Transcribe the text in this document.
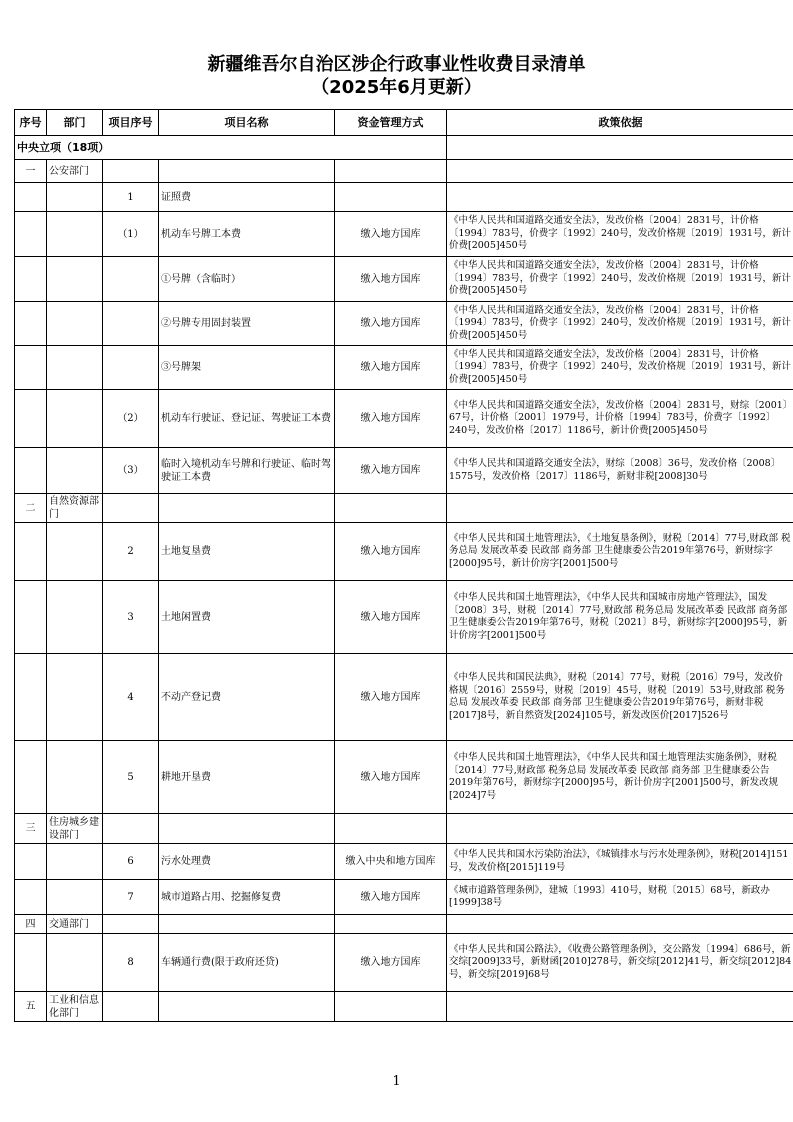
新疆维吾尔自治区涉企行政事业性收费目录清单
（2025年6月更新）
序号	部门	项目序号	项目名称	资金管理方式	政策依据
中央立项（18项）					
一	公安部门				
		1	证照费		
		（1）	机动车号牌工本费	缴入地方国库	《中华人民共和国道路交通安全法》，发改价格〔2004〕2831号，计价格〔1994〕783号，价费字〔1992〕240号，发改价格规〔2019〕1931号，新计价费[2005]450号
			①号牌（含临时）	缴入地方国库	《中华人民共和国道路交通安全法》，发改价格〔2004〕2831号，计价格〔1994〕783号，价费字〔1992〕240号，发改价格规〔2019〕1931号，新计价费[2005]450号
			②号牌专用固封装置	缴入地方国库	《中华人民共和国道路交通安全法》，发改价格〔2004〕2831号，计价格〔1994〕783号，价费字〔1992〕240号，发改价格规〔2019〕1931号，新计价费[2005]450号
			③号牌架	缴入地方国库	《中华人民共和国道路交通安全法》，发改价格〔2004〕2831号，计价格〔1994〕783号，价费字〔1992〕240号，发改价格规〔2019〕1931号，新计价费[2005]450号
		（2）	机动车行驶证、登记证、驾驶证工本费	缴入地方国库	《中华人民共和国道路交通安全法》，发改价格〔2004〕2831号，财综〔2001〕67号，计价格〔2001〕1979号，计价格〔1994〕783号，价费字〔1992〕240号，发改价格〔2017〕1186号，新计价费[2005]450号
		（3）	临时入境机动车号牌和行驶证、临时驾驶证工本费	缴入地方国库	《中华人民共和国道路交通安全法》，财综〔2008〕36号，发改价格〔2008〕1575号，发改价格〔2017〕1186号，新财非税[2008]30号
二	自然资源部门				
		2	土地复垦费	缴入地方国库	《中华人民共和国土地管理法》，《土地复垦条例》，财税〔2014〕77号,财政部 税务总局 发展改革委 民政部 商务部 卫生健康委公告2019年第76号，新财综字[2000]95号，新计价房字[2001]500号
		3	土地闲置费	缴入地方国库	《中华人民共和国土地管理法》，《中华人民共和国城市房地产管理法》，国发〔2008〕3号，财税〔2014〕77号,财政部 税务总局 发展改革委 民政部 商务部 卫生健康委公告2019年第76号，财税〔2021〕8号，新财综字[2000]95号，新计价房字[2001]500号
		4	不动产登记费	缴入地方国库	《中华人民共和国民法典》，财税〔2014〕77号，财税〔2016〕79号，发改价格规〔2016〕2559号，财税〔2019〕45号，财税〔2019〕53号,财政部 税务总局 发展改革委 民政部 商务部 卫生健康委公告2019年第76号，新财非税[2017]8号，新自然资发[2024]105号，新发改医价[2017]526号
		5	耕地开垦费	缴入地方国库	《中华人民共和国土地管理法》，《中华人民共和国土地管理法实施条例》，财税〔2014〕77号,财政部 税务总局 发展改革委 民政部 商务部 卫生健康委公告2019年第76号，新财综字[2000]95号，新计价房字[2001]500号，新发改规[2024]7号
三	住房城乡建设部门				
		6	污水处理费	缴入中央和地方国库	《中华人民共和国水污染防治法》，《城镇排水与污水处理条例》，财税[2014]151号，发改价格[2015]119号
		7	城市道路占用、挖掘修复费	缴入地方国库	《城市道路管理条例》，建城〔1993〕410号，财税〔2015〕68号，新政办[1999]38号
四	交通部门				
		8	车辆通行费(限于政府还贷)	缴入地方国库	《中华人民共和国公路法》，《收费公路管理条例》，交公路发〔1994〕686号，新交综[2009]33号，新财函[2010]278号，新交综[2012]41号，新交综[2012]84号，新交综[2019]68号
五	工业和信息化部门				
1
